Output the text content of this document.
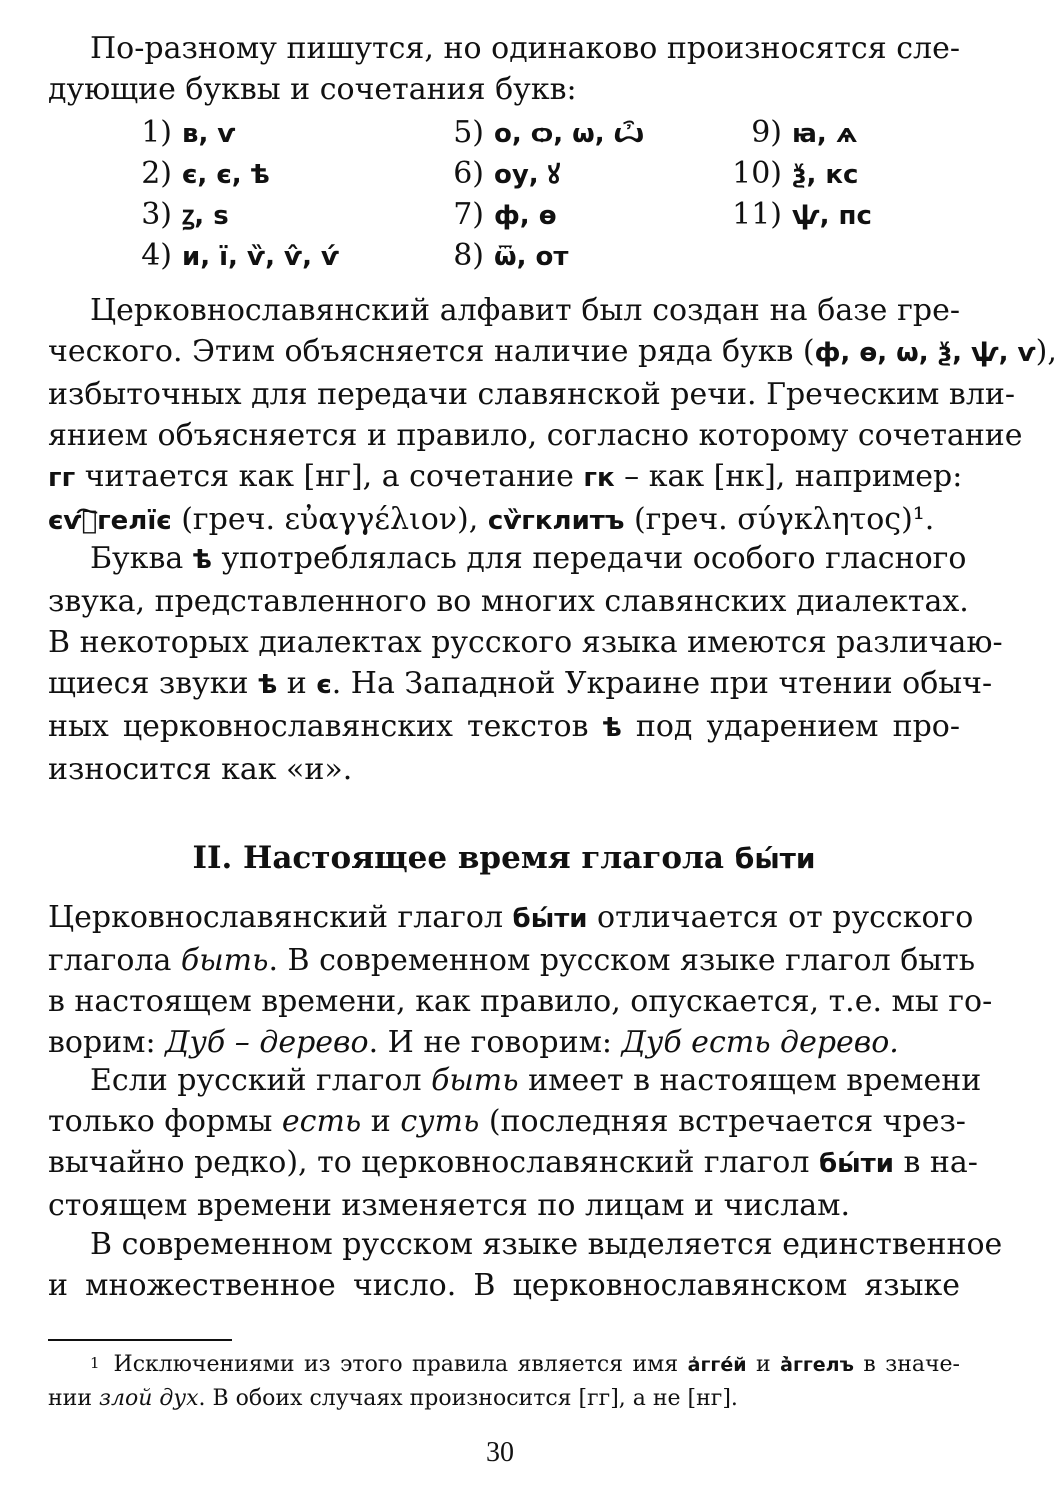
По-разному пишутся, но одинаково произносятся сле-
дующие буквы и сочетания букв:
1) в, ѵ	5) о, ѻ, ѡ, ѽ	9) ꙗ, ѧ
2) є, є, ѣ	6) оу, ꙋ	10) ѯ, кс
3) ꙁ, ѕ	7) ф, ѳ	11) ѱ, пс
4) и, ї, ѷ, ѵ̂, ѵ́	8) ѿ, от
Церковнославянский алфавит был создан на базе гре-
ческого. Этим объясняется наличие ряда букв (ф, ѳ, ѡ, ѯ, ѱ, ѵ),
избыточных для передачи славянской речи. Греческим вли-
янием объясняется и правило, согласно которому сочетание
гг читается как [нг], а сочетание гк – как [нк], например:
єѵⷢ҇гелїє (греч. εὐαγγέλιον), сѷгклитъ (греч. σύγκλητος)¹.
Буква ѣ употреблялась для передачи особого гласного
звука, представленного во многих славянских диалектах.
В некоторых диалектах русского языка имеются различаю-
щиеся звуки ѣ и є. На Западной Украине при чтении обыч-
ных церковнославянских текстов ѣ под ударением про-
износится как «и».
II. Настоящее время глагола бы́ти
Церковнославянский глагол бы́ти отличается от русского
глагола быть. В современном русском языке глагол быть
в настоящем времени, как правило, опускается, т.е. мы го-
ворим: Дуб – дерево. И не говорим: Дуб есть дерево.
Если русский глагол быть имеет в настоящем времени
только формы есть и суть (последняя встречается чрез-
вычайно редко), то церковнославянский глагол бы́ти в на-
стоящем времени изменяется по лицам и числам.
В современном русском языке выделяется единственное
и множественное число. В церковнославянском языке
$^1$ Исключениями из этого правила является имя а҆гге́й и а҆̀ггелъ в значе-
нии злой дух. В обоих случаях произносится [гг], а не [нг].
30
